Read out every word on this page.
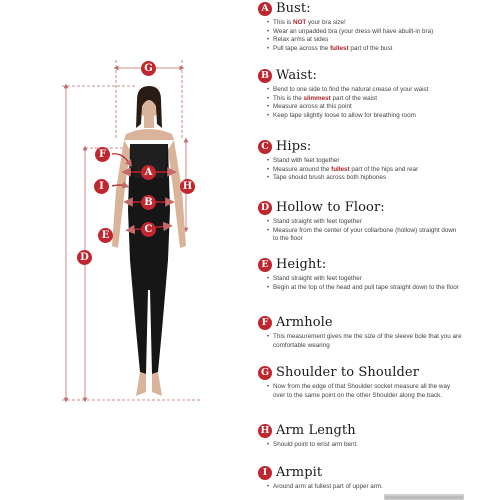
G
E
D
H
F
I
A
B
C
A Bust:
• This is NOT your bra size!
• Wear an unpadded bra (your dress will have abuilt-in bra)
• Relax arms at sides
• Pull tape across the fullest part of the bust
B Waist:
• Bend to one side to find the natural crease of your waist
• This is the slimmest part of the waist
• Measure across at this point
• Keep tape slightly loose to allow for breathing room
C Hips:
• Stand with feet together
• Measure around the fullest part of the hips and rear
• Tape should brush across both hipbones
D Hollow to Floor:
• Stand straight with feet together
• Measure from the center of your collarbone (hollow) straight down to the floor
E Height:
• Stand straight with feet together
• Begin at the top of the head and pull tape straight down to the floor
F Armhole
• This measurement gives me the size of the sleeve bole that you are comfortable wearing
G Shoulder to Shoulder
• Now from the edge of that Shoulder socket measure all the way over to the same point on the other Shoulder along the back.
H Arm Length
• Should point to wrist arm bent.
I Armpit
• Around arm at fullest part of upper arm.
